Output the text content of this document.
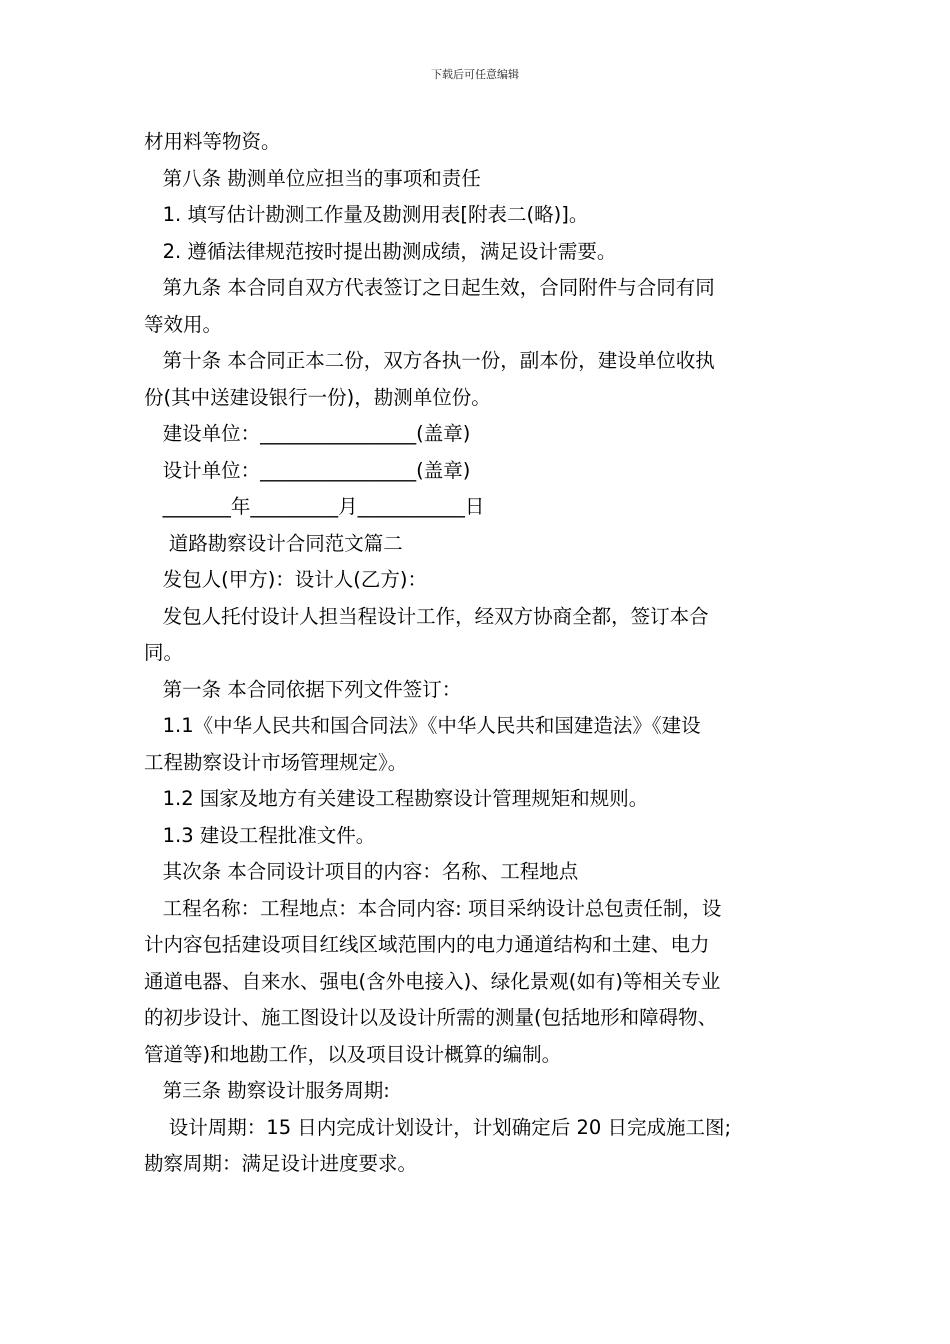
下载后可任意编辑
材用料等物资。
第八条 勘测单位应担当的事项和责任
1. 填写估计勘测工作量及勘测用表[附表二(略)]。
2. 遵循法律规范按时提出勘测成绩，满足设计需要。
第九条 本合同自双方代表签订之日起生效，合同附件与合同有同
等效用。
第十条 本合同正本二份，双方各执一份，副本份，建设单位收执
份(其中送建设银行一份)，勘测单位份。
建设单位：________________(盖章)
设计单位：________________(盖章)
_______年_________月___________日
道路勘察设计合同范文篇二
发包人(甲方)：设计人(乙方)：
发包人托付设计人担当程设计工作，经双方协商全都，签订本合
同。
第一条 本合同依据下列文件签订：
1.1《中华人民共和国合同法》《中华人民共和国建造法》《建设
工程勘察设计市场管理规定》。
1.2 国家及地方有关建设工程勘察设计管理规矩和规则。
1.3 建设工程批准文件。
其次条 本合同设计项目的内容：名称、工程地点
工程名称：工程地点：本合同内容: 项目采纳设计总包责任制，设
计内容包括建设项目红线区域范围内的电力通道结构和土建、电力
通道电器、自来水、强电(含外电接入)、绿化景观(如有)等相关专业
的初步设计、施工图设计以及设计所需的测量(包括地形和障碍物、
管道等)和地勘工作，以及项目设计概算的编制。
第三条 勘察设计服务周期:
设计周期：15 日内完成计划设计，计划确定后 20 日完成施工图;
勘察周期：满足设计进度要求。
